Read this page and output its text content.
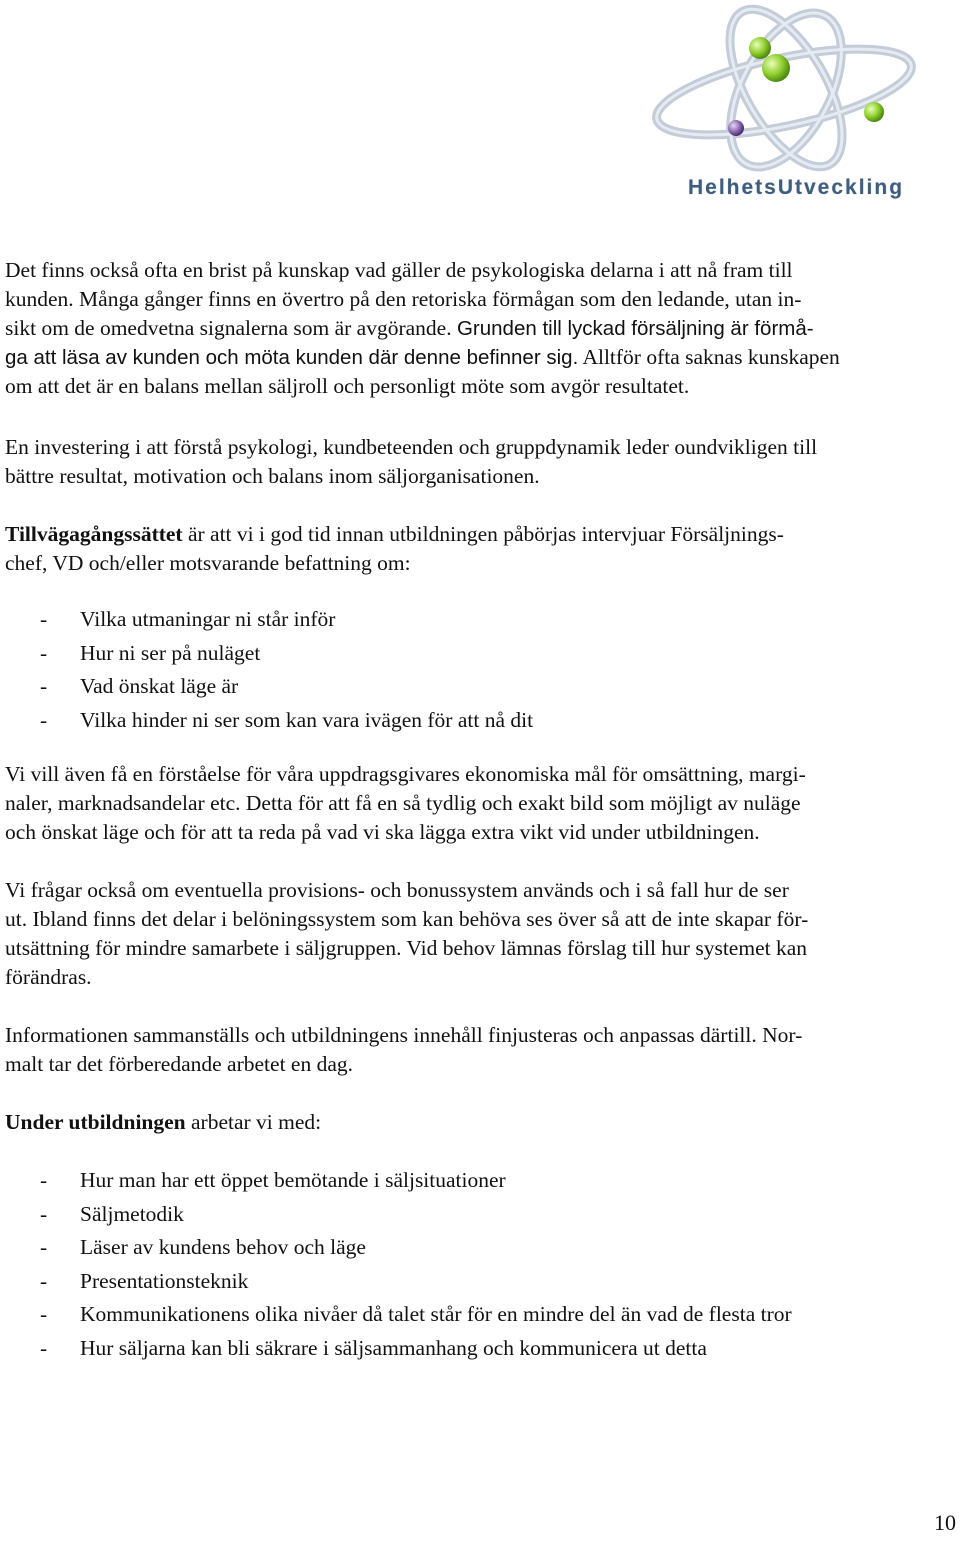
HelhetsUtveckling

Det finns också ofta en brist på kunskap vad gäller de psykologiska delarna i att nå fram till
kunden. Många gånger finns en övertro på den retoriska förmågan som den ledande, utan in-
sikt om de omedvetna signalerna som är avgörande. Grunden till lyckad försäljning är förmå-
ga att läsa av kunden och möta kunden där denne befinner sig. Alltför ofta saknas kunskapen
om att det är en balans mellan säljroll och personligt möte som avgör resultatet.

En investering i att förstå psykologi, kundbeteenden och gruppdynamik leder oundvikligen till
bättre resultat, motivation och balans inom säljorganisationen.

Tillvägagångssättet är att vi i god tid innan utbildningen påbörjas intervjuar Försäljnings-
chef, VD och/eller motsvarande befattning om:

- Vilka utmaningar ni står inför
- Hur ni ser på nuläget
- Vad önskat läge är
- Vilka hinder ni ser som kan vara ivägen för att nå dit

Vi vill även få en förståelse för våra uppdragsgivares ekonomiska mål för omsättning, margi-
naler, marknadsandelar etc. Detta för att få en så tydlig och exakt bild som möjligt av nuläge
och önskat läge och för att ta reda på vad vi ska lägga extra vikt vid under utbildningen.

Vi frågar också om eventuella provisions- och bonussystem används och i så fall hur de ser
ut. Ibland finns det delar i belöningssystem som kan behöva ses över så att de inte skapar för-
utsättning för mindre samarbete i säljgruppen. Vid behov lämnas förslag till hur systemet kan
förändras.

Informationen sammanställs och utbildningens innehåll finjusteras och anpassas därtill. Nor-
malt tar det förberedande arbetet en dag.

Under utbildningen arbetar vi med:

- Hur man har ett öppet bemötande i säljsituationer
- Säljmetodik
- Läser av kundens behov och läge
- Presentationsteknik
- Kommunikationens olika nivåer då talet står för en mindre del än vad de flesta tror
- Hur säljarna kan bli säkrare i säljsammanhang och kommunicera ut detta
10
